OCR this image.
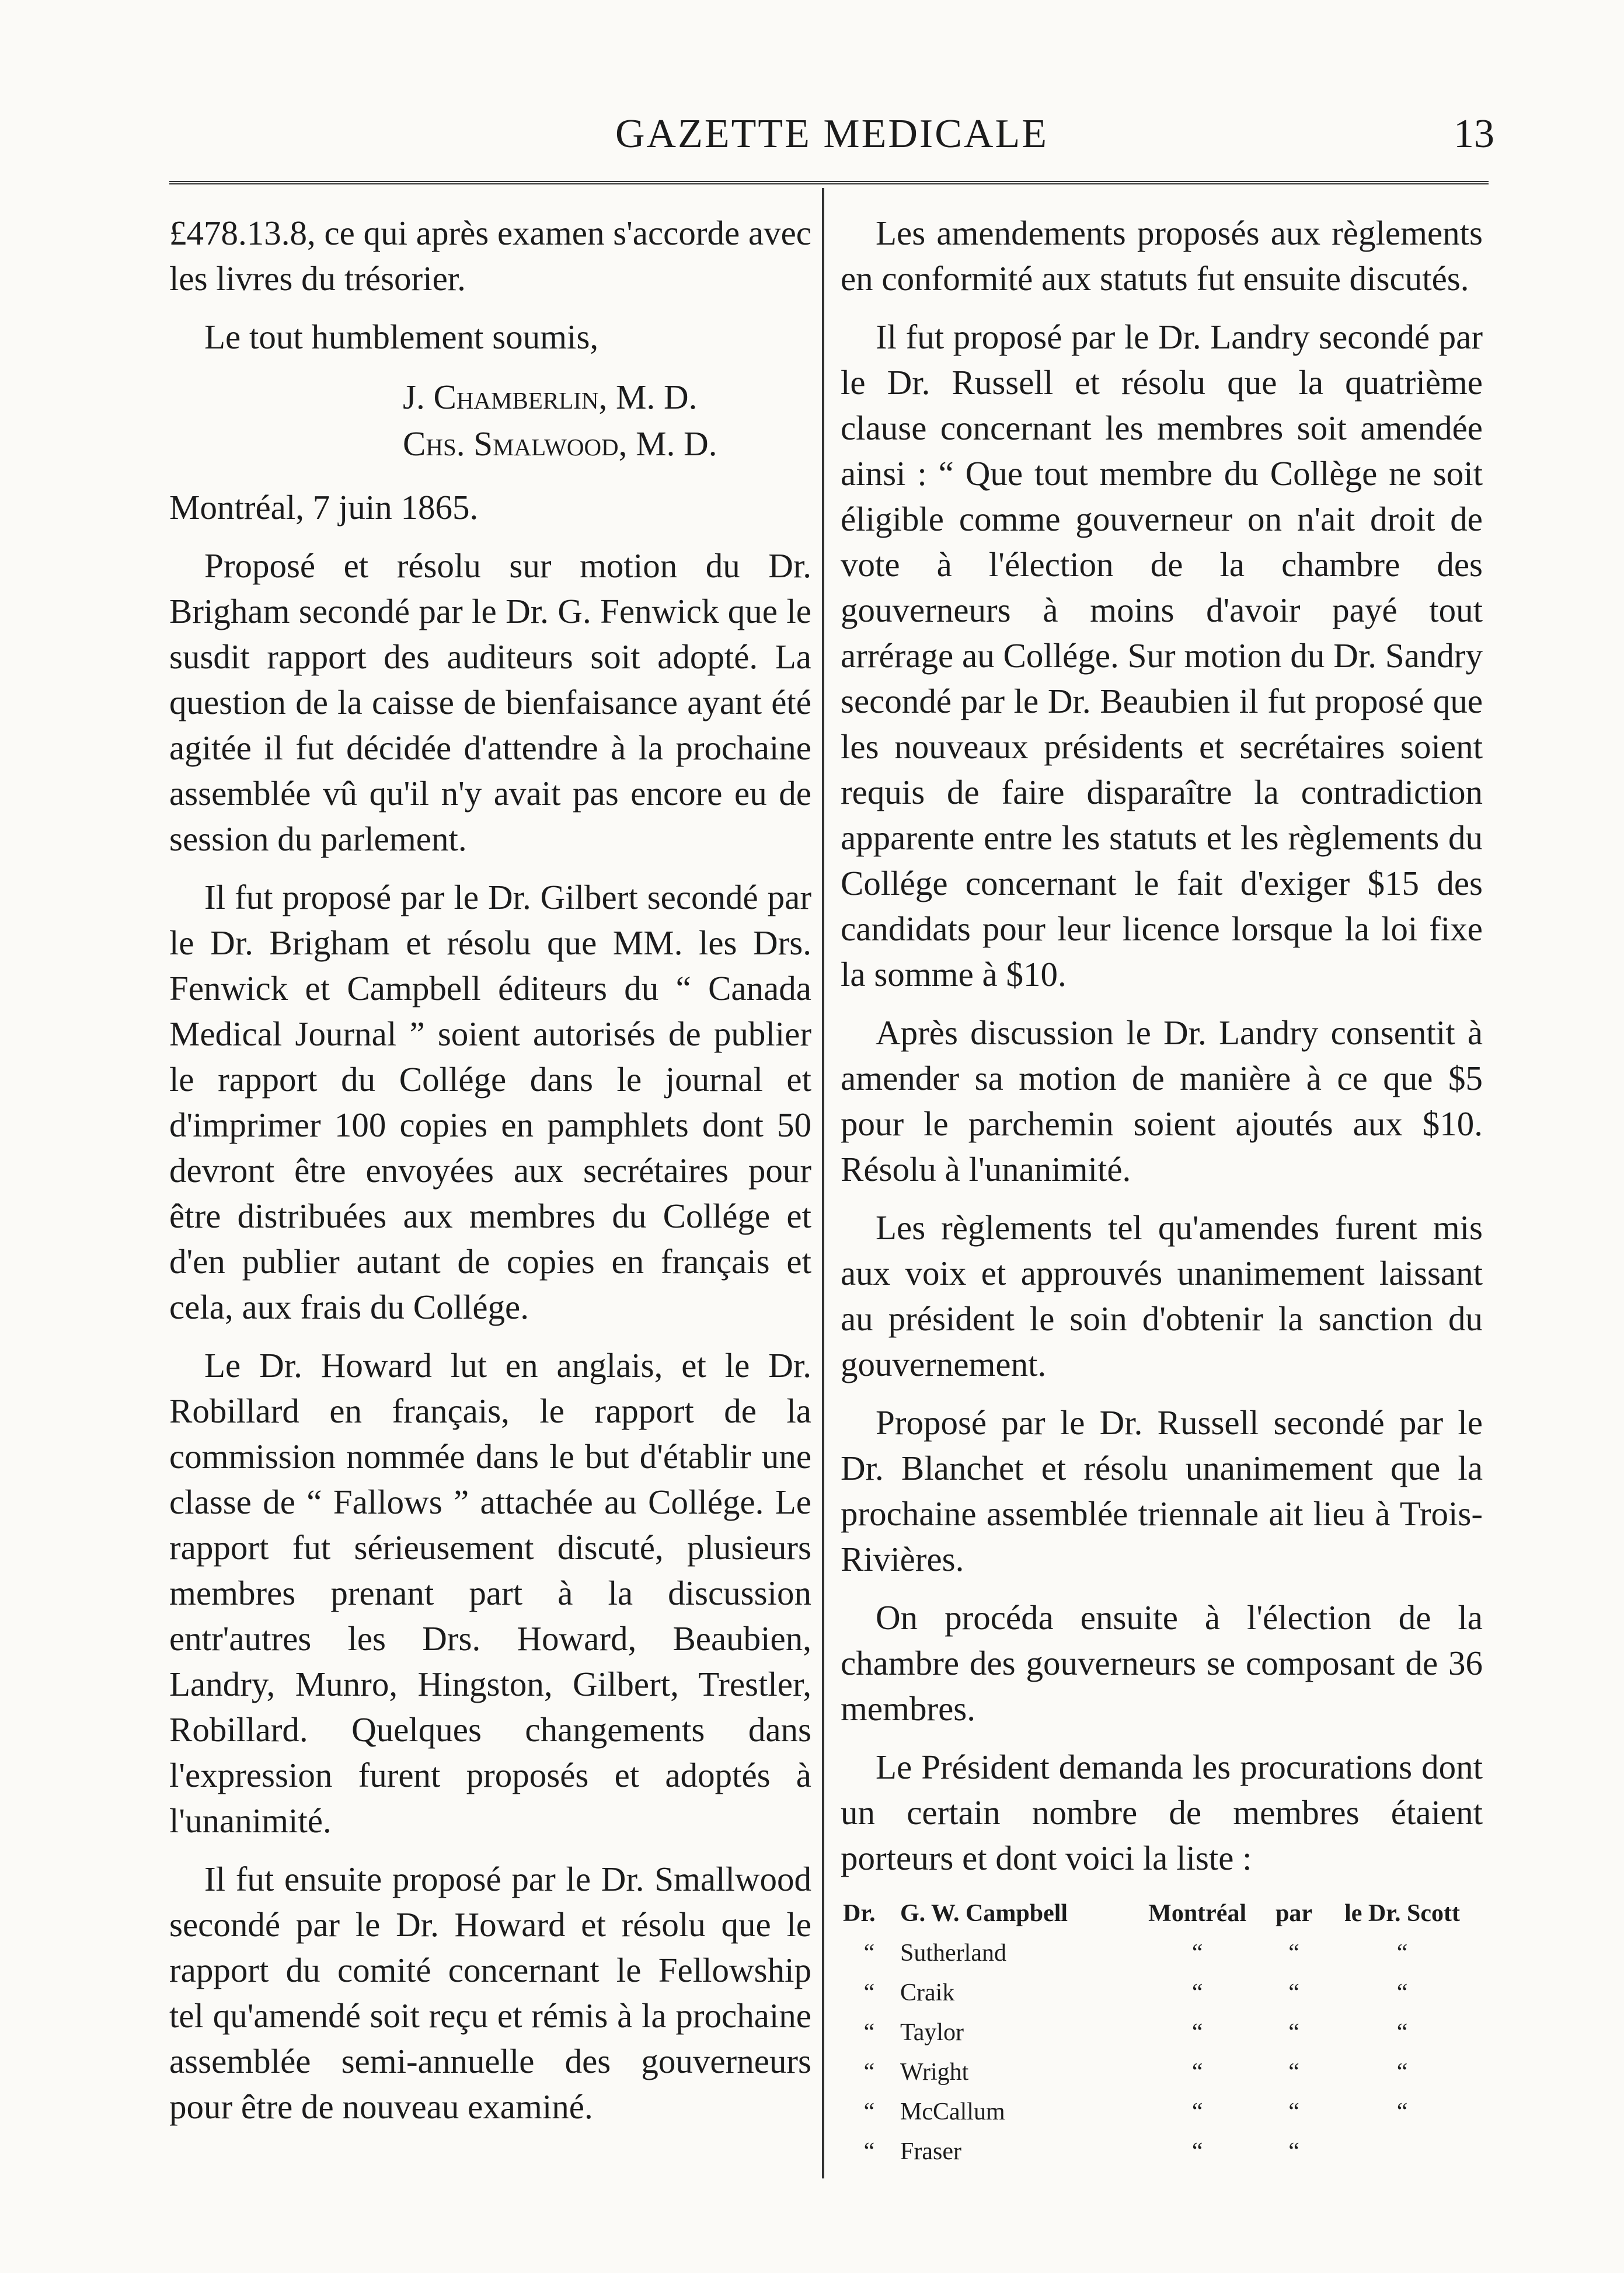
GAZETTE MEDICALE	13

£478.13.8, ce qui après examen s'accorde avec les livres du trésorier.

Le tout humblement soumis,

J. Chamberlin, M. D.
Chs. Smalwood, M. D.

Montréal, 7 juin 1865.

Proposé et résolu sur motion du Dr. Brigham secondé par le Dr. G. Fenwick que le susdit rapport des auditeurs soit adopté. La question de la caisse de bienfaisance ayant été agitée il fut décidée d'attendre à la prochaine assemblée vû qu'il n'y avait pas encore eu de session du parlement.

Il fut proposé par le Dr. Gilbert secondé par le Dr. Brigham et résolu que MM. les Drs. Fenwick et Campbell éditeurs du “ Canada Medical Journal ” soient autorisés de publier le rapport du Collége dans le journal et d'imprimer 100 copies en pamphlets dont 50 devront être envoyées aux secrétaires pour être distribuées aux membres du Collége et d'en publier autant de copies en français et cela, aux frais du Collége.

Le Dr. Howard lut en anglais, et le Dr. Robillard en français, le rapport de la commission nommée dans le but d'établir une classe de “ Fallows ” attachée au Collége. Le rapport fut sérieusement discuté, plusieurs membres prenant part à la discussion entr'autres les Drs. Howard, Beaubien, Landry, Munro, Hingston, Gilbert, Trestler, Robillard. Quelques changements dans l'expression furent proposés et adoptés à l'unanimité.

Il fut ensuite proposé par le Dr. Smallwood secondé par le Dr. Howard et résolu que le rapport du comité concernant le Fellowship tel qu'amendé soit reçu et rémis à la prochaine assemblée semi-annuelle des gouverneurs pour être de nouveau examiné.

Les amendements proposés aux règlements en conformité aux statuts fut ensuite discutés.

Il fut proposé par le Dr. Landry secondé par le Dr. Russell et résolu que la quatrième clause concernant les membres soit amendée ainsi : “ Que tout membre du Collège ne soit éligible comme gouverneur on n'ait droit de vote à l'élection de la chambre des gouverneurs à moins d'avoir payé tout arrérage au Collége. Sur motion du Dr. Sandry secondé par le Dr. Beaubien il fut proposé que les nouveaux présidents et secrétaires soient requis de faire disparaître la contradiction apparente entre les statuts et les règlements du Collége concernant le fait d'exiger $15 des candidats pour leur licence lorsque la loi fixe la somme à $10.

Après discussion le Dr. Landry consentit à amender sa motion de manière à ce que $5 pour le parchemin soient ajoutés aux $10. Résolu à l'unanimité.

Les règlements tel qu'amendes furent mis aux voix et approuvés unanimement laissant au président le soin d'obtenir la sanction du gouvernement.

Proposé par le Dr. Russell secondé par le Dr. Blanchet et résolu unanimement que la prochaine assemblée triennale ait lieu à Trois-Rivières.

On procéda ensuite à l'élection de la chambre des gouverneurs se composant de 36 membres.

Le Président demanda les procurations dont un certain nombre de membres étaient porteurs et dont voici la liste :

Dr.	G. W. Campbell	Montréal	par	le Dr. Scott
“	Sutherland	“	“	“
“	Craik	“	“	“
“	Taylor	“	“	“
“	Wright	“	“	“
“	McCallum	“	“	“
“	Fraser	“	“	
